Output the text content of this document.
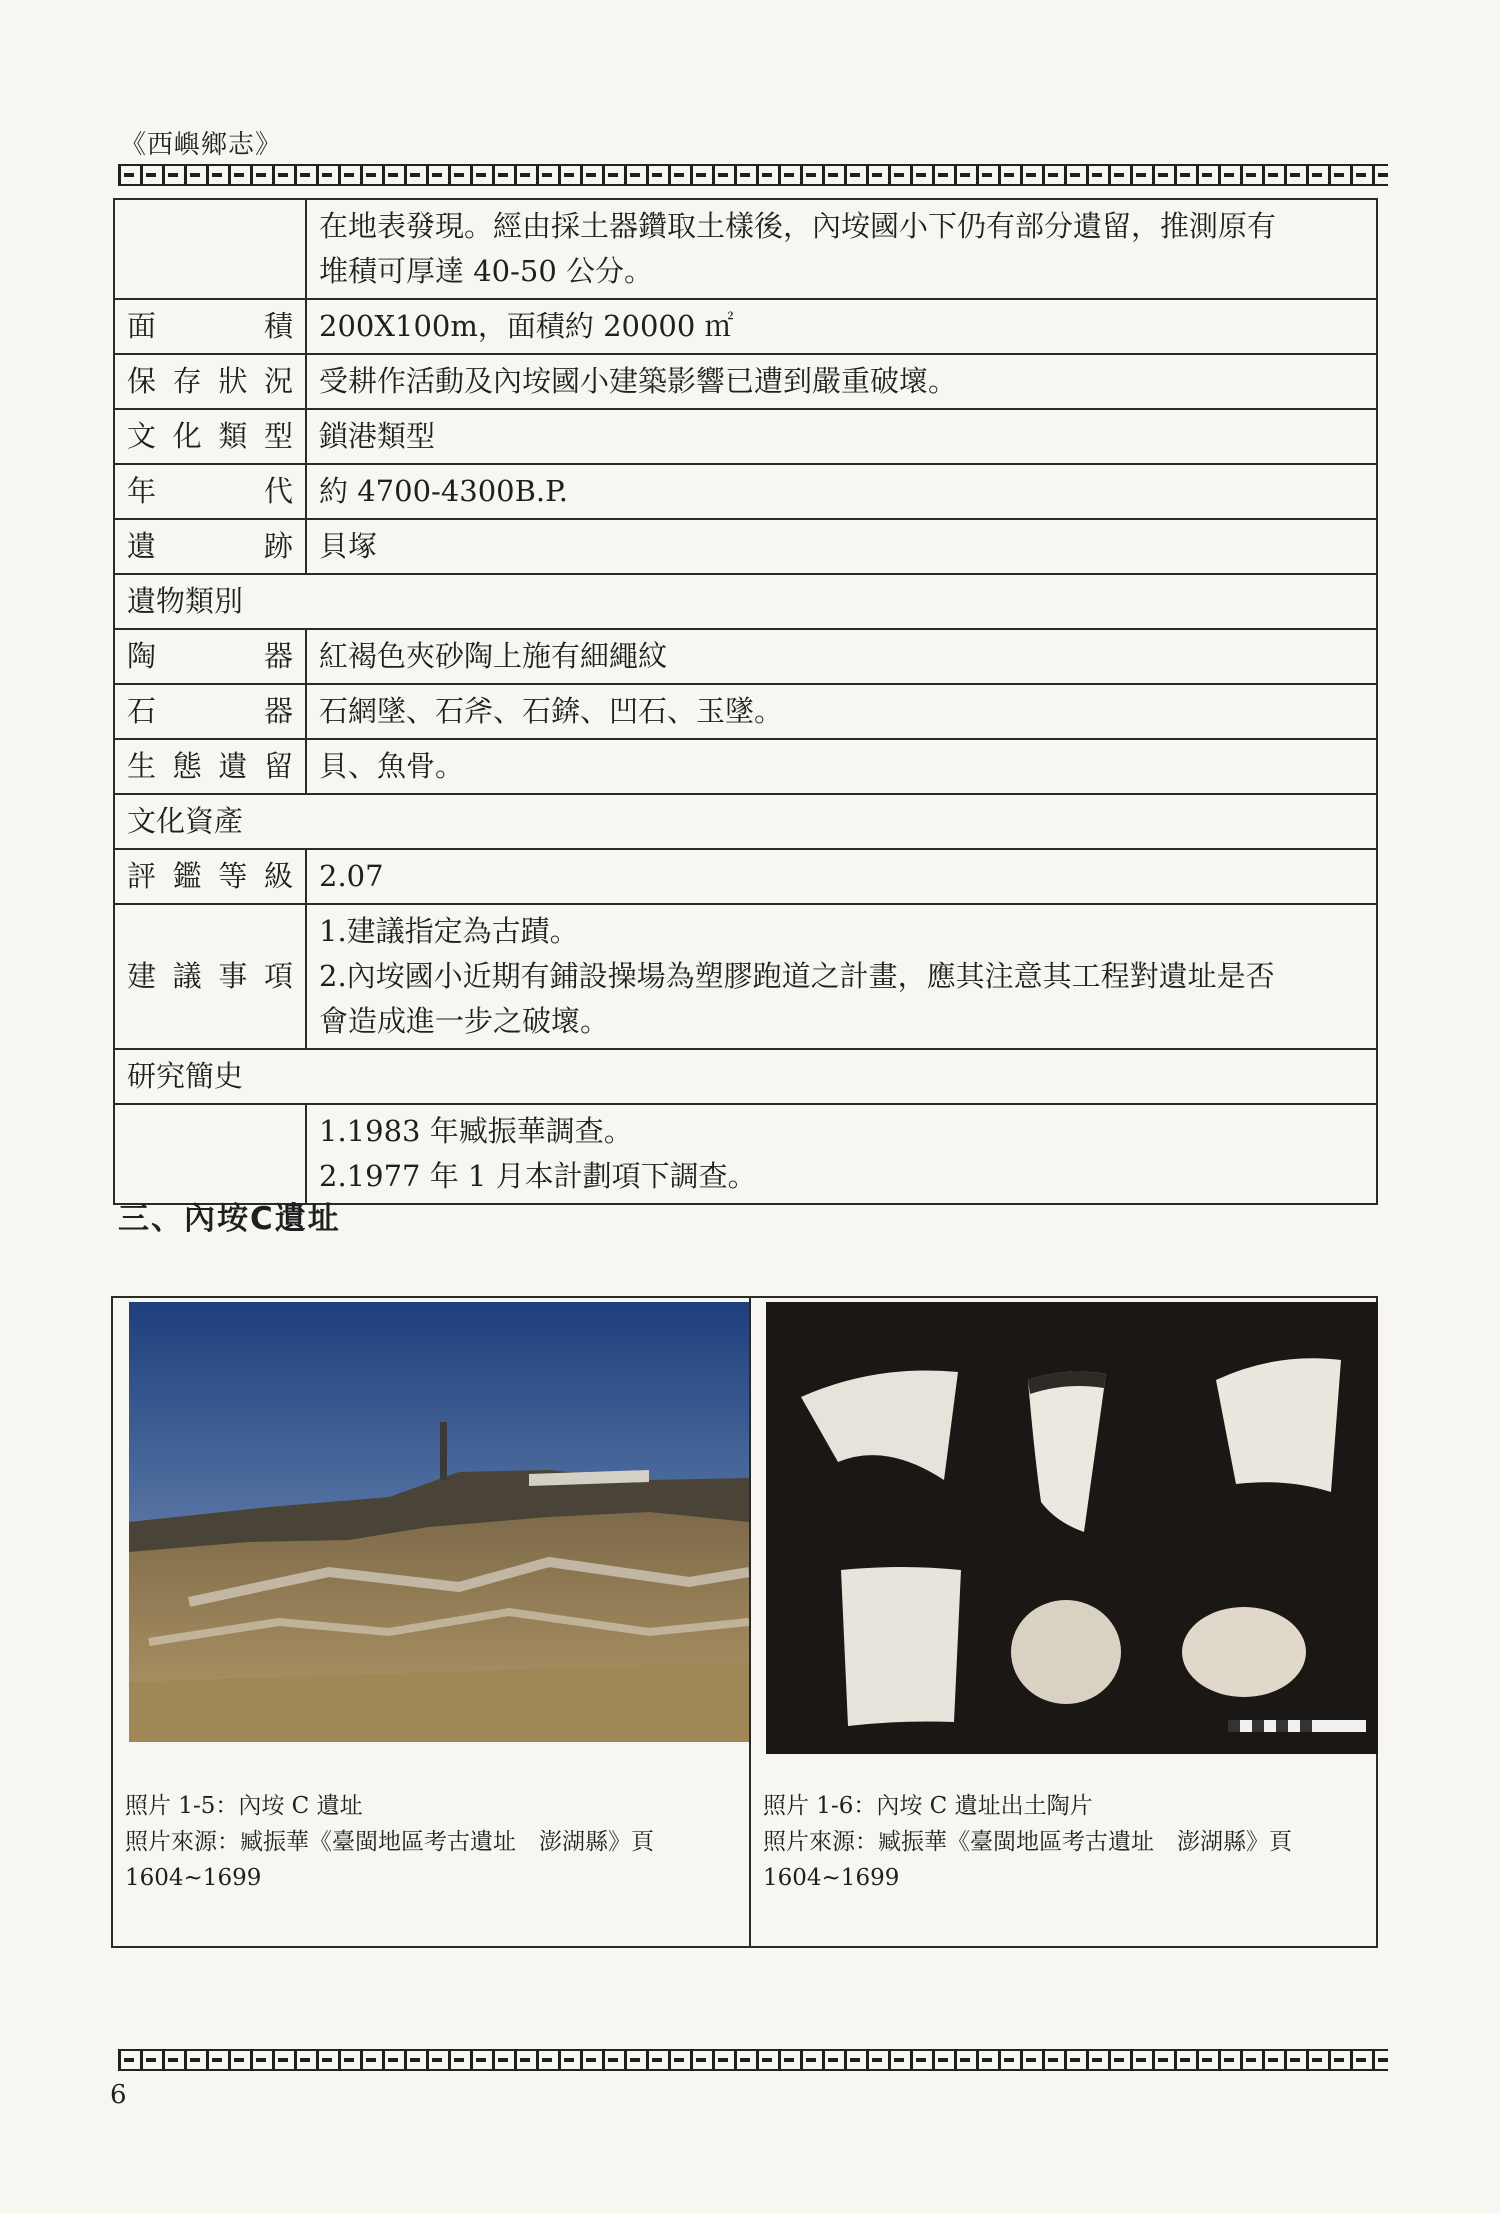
《西嶼鄉志》

	在地表發現。經由採土器鑽取土樣後，內垵國小下仍有部分遺留，推測原有
堆積可厚達 40-50 公分。

面　　積	200X100m，面積約 20000 ㎡

保存狀況	受耕作活動及內垵國小建築影響已遭到嚴重破壞。

文化類型	鎖港類型

年　　代	約 4700-4300B.P.

遺　　跡	貝塚

遺物類別	
陶　　器	紅褐色夾砂陶上施有細繩紋

石　　器	石網墜、石斧、石錛、凹石、玉墜。

生態遺留	貝、魚骨。

文化資產	
評鑑等級	2.07

建議事項	1.建議指定為古蹟。
2.內垵國小近期有鋪設操場為塑膠跑道之計畫，應其注意其工程對遺址是否
會造成進一步之破壞。

研究簡史	

	1.1983 年臧振華調查。
2.1977 年 1 月本計劃項下調查。
三、內垵C遺址
照片 1-5：內垵 C 遺址
照片來源：臧振華《臺閩地區考古遺址　澎湖縣》頁
1604~1699
照片 1-6：內垵 C 遺址出土陶片
照片來源：臧振華《臺閩地區考古遺址　澎湖縣》頁
1604~1699
6
